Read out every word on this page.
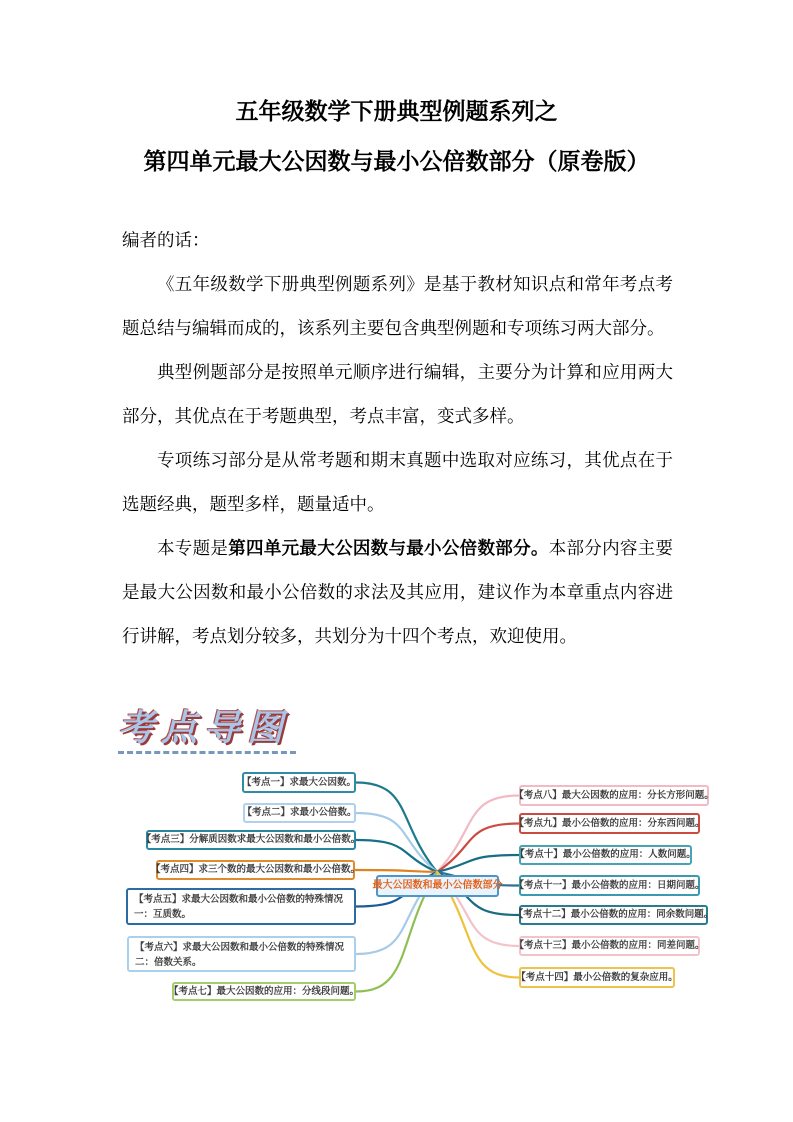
五年级数学下册典型例题系列之
第四单元最大公因数与最小公倍数部分（原卷版）

编者的话：

《五年级数学下册典型例题系列》是基于教材知识点和常年考点考题总结与编辑而成的，该系列主要包含典型例题和专项练习两大部分。

典型例题部分是按照单元顺序进行编辑，主要分为计算和应用两大部分，其优点在于考题典型，考点丰富，变式多样。

专项练习部分是从常考题和期末真题中选取对应练习，其优点在于选题经典，题型多样，题量适中。

本专题是第四单元最大公因数与最小公倍数部分。本部分内容主要是最大公因数和最小公倍数的求法及其应用，建议作为本章重点内容进行讲解，考点划分较多，共划分为十四个考点，欢迎使用。

考点导图
【考点一】求最大公因数。
【考点二】求最小公倍数。
【考点三】分解质因数求最大公因数和最小公倍数。
【考点四】求三个数的最大公因数和最小公倍数。
【考点五】求最大公因数和最小公倍数的特殊情况一：互质数。
【考点六】求最大公因数和最小公倍数的特殊情况二：倍数关系。
【考点七】最大公因数的应用：分线段问题。
【考点八】最大公因数的应用：分长方形问题。
【考点九】最小公倍数的应用：分东西问题。
【考点十】最小公倍数的应用：人数问题。
【考点十一】最小公倍数的应用：日期问题。
【考点十二】最小公倍数的应用：同余数问题。
【考点十三】最小公倍数的应用：同差问题。
【考点十四】最小公倍数的复杂应用。
最大公因数和最小公倍数部分
